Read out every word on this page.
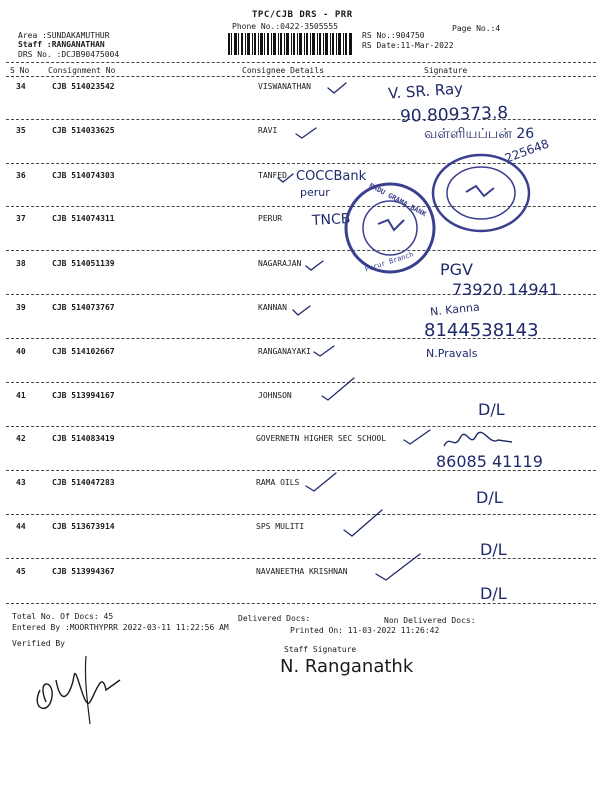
TPC/CJB DRS - PRR
Phone No.:0422-3505555	Page No.:4
Area :SUNDAKAMUTHUR
Staff :RANGANATHAN
DRS No. :DCJB90475004
RS No.:904750
RS Date:11-Mar-2022
S No Consignment No	Consignee Details	Signature
34	CJB 514023542	VISWANATHAN
35	CJB 514033625	RAVI
36	CJB 514074303	TANFED
37	CJB 514074311	PERUR
38	CJB 514051139	NAGARAJAN
39	CJB 514073767	KANNAN
40	CJB 514102667	RANGANAYAKI
41	CJB 513994167	JOHNSON
42	CJB 514083419	GOVERNETN HIGHER SEC SCHOOL
43	CJB 514047283	RAMA OILS
44	CJB 513673914	SPS MULITI
45	CJB 513994367	NAVANEETHA KRISHNAN
V. SR. Ray
90.809373.8
வள்ளியப்பன் 26
225648
COCCBank
perur
TNCB
PGV
73920 14941
N. Kanna
8144538143
N.Pravals
D/L
86085 41119
D/L
D/L
D/L
NADU GRAMA BANK
Perur Branch
Total No. Of Docs: 45	Delivered Docs:	Non Delivered Docs:
Entered By :MOORTHYPRR 2022-03-11 11:22:56 AM	Printed On: 11-03-2022 11:26:42
Verified By
Staff Signature
N. Ranganathk
